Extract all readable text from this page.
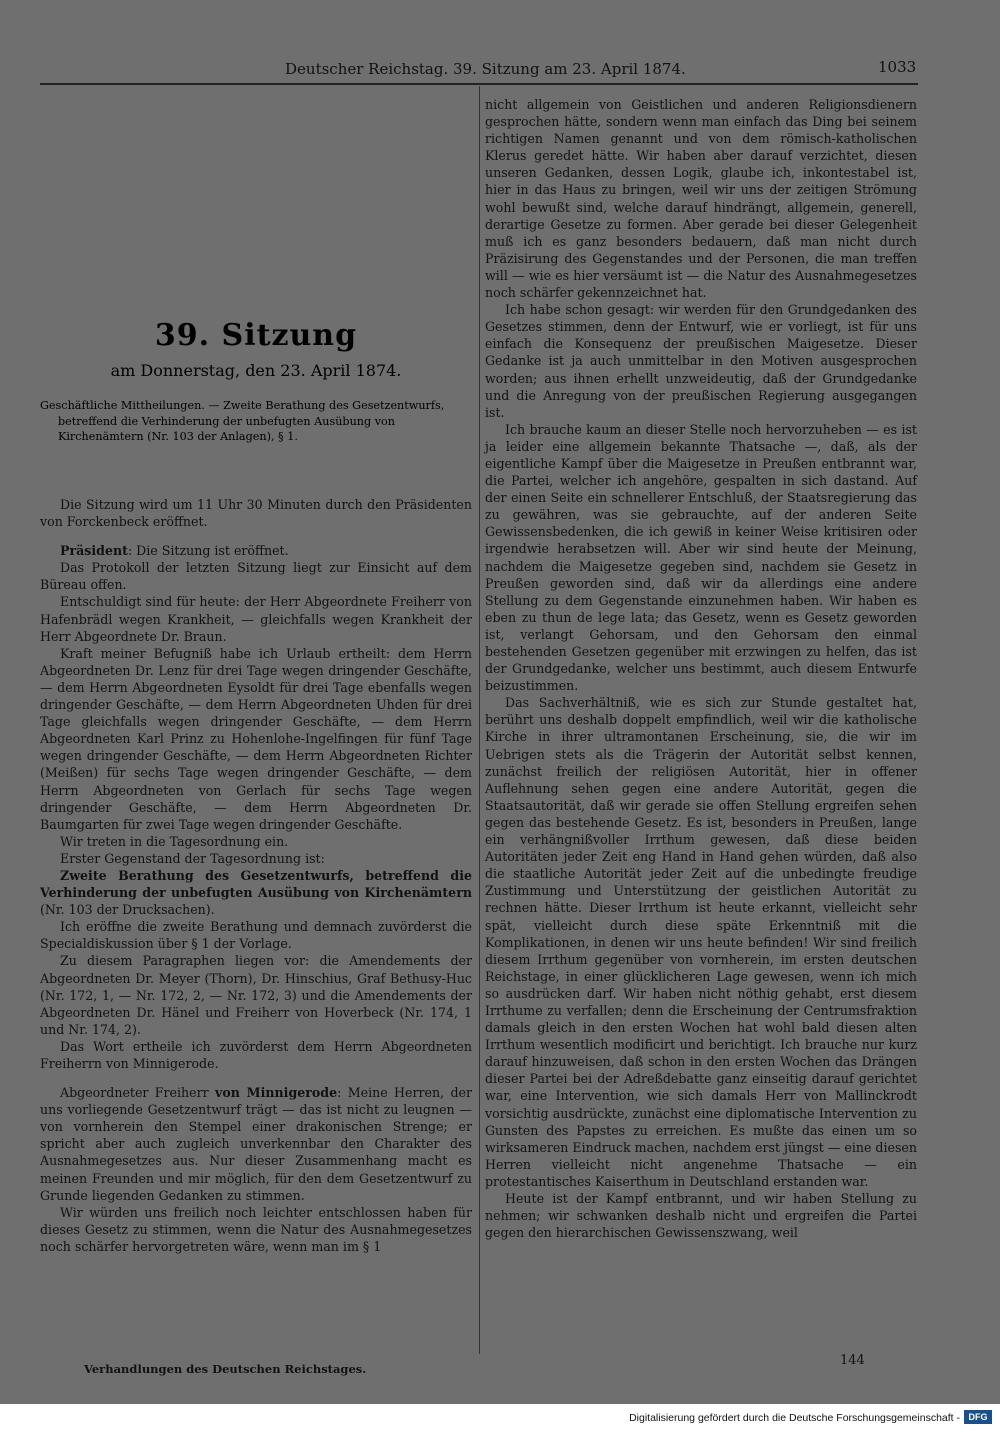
Deutscher Reichstag. 39. Sitzung am 23. April 1874.	1033
39. Sitzung
am Donnerstag, den 23. April 1874.
Geschäftliche Mittheilungen. — Zweite Berathung des Gesetzentwurfs,
betreffend die Verhinderung der unbefugten Ausübung von
Kirchenämtern (Nr. 103 der Anlagen), § 1.

Die Sitzung wird um 11 Uhr 30 Minuten durch den Präsidenten von Forckenbeck eröffnet.

Präsident: Die Sitzung ist eröffnet.

Das Protokoll der letzten Sitzung liegt zur Einsicht auf dem Büreau offen.

Entschuldigt sind für heute: der Herr Abgeordnete Freiherr von Hafenbrädl wegen Krankheit, — gleichfalls wegen Krankheit der Herr Abgeordnete Dr. Braun.

Kraft meiner Befugniß habe ich Urlaub ertheilt: dem Herrn Abgeordneten Dr. Lenz für drei Tage wegen dringender Geschäfte, — dem Herrn Abgeordneten Eysoldt für drei Tage ebenfalls wegen dringender Geschäfte, — dem Herrn Abgeordneten Uhden für drei Tage gleichfalls wegen dringender Geschäfte, — dem Herrn Abgeordneten Karl Prinz zu Hohenlohe-Ingelfingen für fünf Tage wegen dringender Geschäfte, — dem Herrn Abgeordneten Richter (Meißen) für sechs Tage wegen dringender Geschäfte, — dem Herrn Abgeordneten von Gerlach für sechs Tage wegen dringender Geschäfte, — dem Herrn Abgeordneten Dr. Baumgarten für zwei Tage wegen dringender Geschäfte.

Wir treten in die Tagesordnung ein.

Erster Gegenstand der Tagesordnung ist:

Zweite Berathung des Gesetzentwurfs, betreffend die Verhinderung der unbefugten Ausübung von Kirchenämtern (Nr. 103 der Drucksachen).

Ich eröffne die zweite Berathung und demnach zuvörderst die Specialdiskussion über § 1 der Vorlage.

Zu diesem Paragraphen liegen vor: die Amendements der Abgeordneten Dr. Meyer (Thorn), Dr. Hinschius, Graf Bethusy-Huc (Nr. 172, 1, — Nr. 172, 2, — Nr. 172, 3) und die Amendements der Abgeordneten Dr. Hänel und Freiherr von Hoverbeck (Nr. 174, 1 und Nr. 174, 2).

Das Wort ertheile ich zuvörderst dem Herrn Abgeordneten Freiherrn von Minnigerode.

Abgeordneter Freiherr von Minnigerode: Meine Herren, der uns vorliegende Gesetzentwurf trägt — das ist nicht zu leugnen — von vornherein den Stempel einer drakonischen Strenge; er spricht aber auch zugleich unverkennbar den Charakter des Ausnahmegesetzes aus. Nur dieser Zusammenhang macht es meinen Freunden und mir möglich, für den dem Gesetzentwurf zu Grunde liegenden Gedanken zu stimmen.

Wir würden uns freilich noch leichter entschlossen haben für dieses Gesetz zu stimmen, wenn die Natur des Ausnahmegesetzes noch schärfer hervorgetreten wäre, wenn man im § 1

nicht allgemein von Geistlichen und anderen Religionsdienern gesprochen hätte, sondern wenn man einfach das Ding bei seinem richtigen Namen genannt und von dem römisch-katholischen Klerus geredet hätte. Wir haben aber darauf verzichtet, diesen unseren Gedanken, dessen Logik, glaube ich, inkontestabel ist, hier in das Haus zu bringen, weil wir uns der zeitigen Strömung wohl bewußt sind, welche darauf hindrängt, allgemein, generell, derartige Gesetze zu formen. Aber gerade bei dieser Gelegenheit muß ich es ganz besonders bedauern, daß man nicht durch Präzisirung des Gegenstandes und der Personen, die man treffen will — wie es hier versäumt ist — die Natur des Ausnahmegesetzes noch schärfer gekennzeichnet hat.

Ich habe schon gesagt: wir werden für den Grundgedanken des Gesetzes stimmen, denn der Entwurf, wie er vorliegt, ist für uns einfach die Konsequenz der preußischen Maigesetze. Dieser Gedanke ist ja auch unmittelbar in den Motiven ausgesprochen worden; aus ihnen erhellt unzweideutig, daß der Grundgedanke und die Anregung von der preußischen Regierung ausgegangen ist.

Ich brauche kaum an dieser Stelle noch hervorzuheben — es ist ja leider eine allgemein bekannte Thatsache —, daß, als der eigentliche Kampf über die Maigesetze in Preußen entbrannt war, die Partei, welcher ich angehöre, gespalten in sich dastand. Auf der einen Seite ein schnellerer Entschluß, der Staatsregierung das zu gewähren, was sie gebrauchte, auf der anderen Seite Gewissensbedenken, die ich gewiß in keiner Weise kritisiren oder irgendwie herabsetzen will. Aber wir sind heute der Meinung, nachdem die Maigesetze gegeben sind, nachdem sie Gesetz in Preußen geworden sind, daß wir da allerdings eine andere Stellung zu dem Gegenstande einzunehmen haben. Wir haben es eben zu thun de lege lata; das Gesetz, wenn es Gesetz geworden ist, verlangt Gehorsam, und den Gehorsam den einmal bestehenden Gesetzen gegenüber mit erzwingen zu helfen, das ist der Grundgedanke, welcher uns bestimmt, auch diesem Entwurfe beizustimmen.

Das Sachverhältniß, wie es sich zur Stunde gestaltet hat, berührt uns deshalb doppelt empfindlich, weil wir die katholische Kirche in ihrer ultramontanen Erscheinung, sie, die wir im Uebrigen stets als die Trägerin der Autorität selbst kennen, zunächst freilich der religiösen Autorität, hier in offener Auflehnung sehen gegen eine andere Autorität, gegen die Staatsautorität, daß wir gerade sie offen Stellung ergreifen sehen gegen das bestehende Gesetz. Es ist, besonders in Preußen, lange ein verhängnißvoller Irrthum gewesen, daß diese beiden Autoritäten jeder Zeit eng Hand in Hand gehen würden, daß also die staatliche Autorität jeder Zeit auf die unbedingte freudige Zustimmung und Unterstützung der geistlichen Autorität zu rechnen hätte. Dieser Irrthum ist heute erkannt, vielleicht sehr spät, vielleicht durch diese späte Erkenntniß mit die Komplikationen, in denen wir uns heute befinden! Wir sind freilich diesem Irrthum gegenüber von vornherein, im ersten deutschen Reichstage, in einer glücklicheren Lage gewesen, wenn ich mich so ausdrücken darf. Wir haben nicht nöthig gehabt, erst diesem Irrthume zu verfallen; denn die Erscheinung der Centrumsfraktion damals gleich in den ersten Wochen hat wohl bald diesen alten Irrthum wesentlich modificirt und berichtigt. Ich brauche nur kurz darauf hinzuweisen, daß schon in den ersten Wochen das Drängen dieser Partei bei der Adreßdebatte ganz einseitig darauf gerichtet war, eine Intervention, wie sich damals Herr von Mallinckrodt vorsichtig ausdrückte, zunächst eine diplomatische Intervention zu Gunsten des Papstes zu erreichen. Es mußte das einen um so wirksameren Eindruck machen, nachdem erst jüngst — eine diesen Herren vielleicht nicht angenehme Thatsache — ein protestantisches Kaiserthum in Deutschland erstanden war.

Heute ist der Kampf entbrannt, und wir haben Stellung zu nehmen; wir schwanken deshalb nicht und ergreifen die Partei gegen den hierarchischen Gewissenszwang, weil

Verhandlungen des Deutschen Reichstages.
144
Digitalisierung gefördert durch die Deutsche Forschungsgemeinschaft - DFG
